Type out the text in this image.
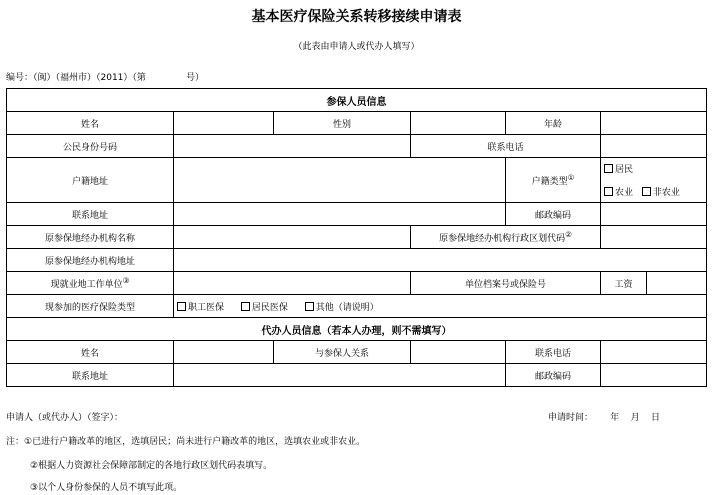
基本医疗保险关系转移接续申请表
（此表由申请人或代办人填写）
编号：（闽）（福州市）（2011）（第              号）
参保人员信息						
姓名		性别		年龄		
公民身份号码			联系电话			
户籍地址				户籍类型①	居民
农业 非农业	

联系地址				邮政编码		
原参保地经办机构名称			原参保地经办机构行政区划代码②	
原参保地经办机构地址						
现就业地工作单位③			单位档案号或保险号		工资	
现参加的医疗保险类型	职工医保 居民医保 其他（请说明）					
代办人员信息（若本人办理，则不需填写）						
姓名		与参保人关系		联系电话		
联系地址				邮政编码		
申请人（或代办人）（签字）：	申请时间：      年    月    日
注：①已进行户籍改革的地区，选填居民；尚未进行户籍改革的地区，选填农业或非农业。
②根据人力资源社会保障部制定的各地行政区划代码表填写。
③以个人身份参保的人员不填写此项。
